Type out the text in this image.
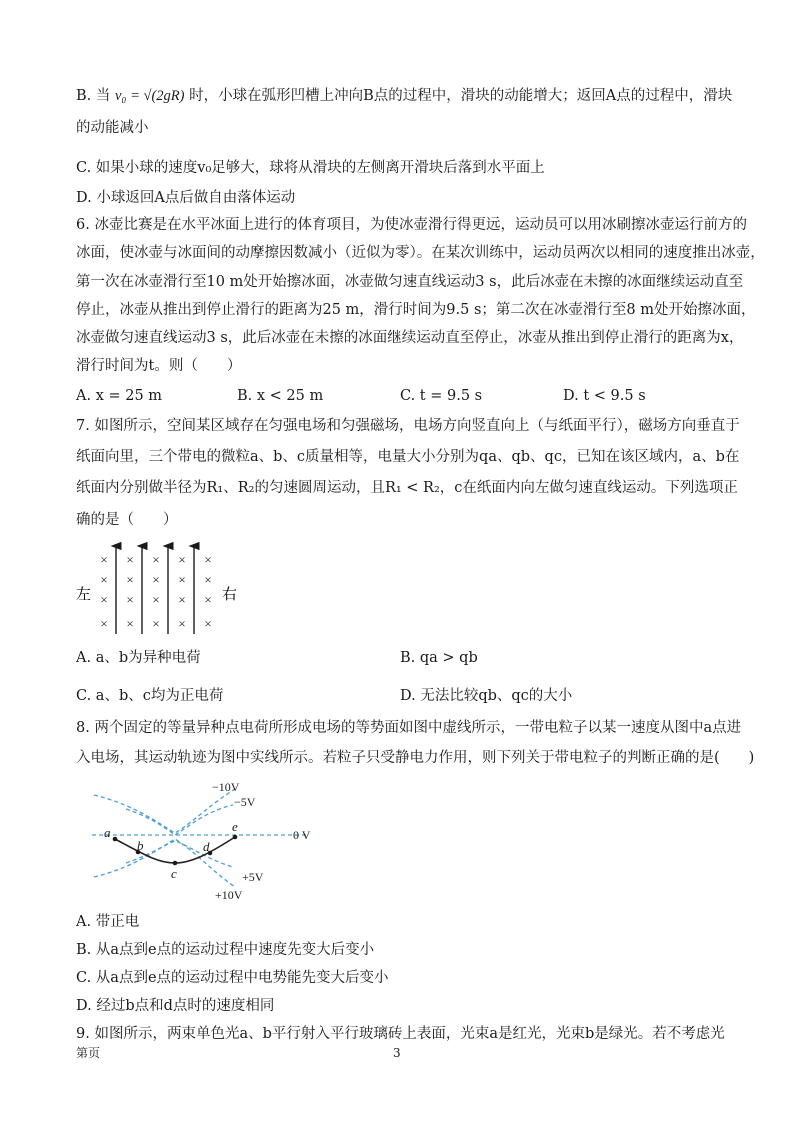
B. 当 v₀ = √(2gR) 时，小球在弧形凹槽上冲向B点的过程中，滑块的动能增大；返回A点的过程中，滑块
的动能减小
C. 如果小球的速度v₀足够大，球将从滑块的左侧离开滑块后落到水平面上
D. 小球返回A点后做自由落体运动
6. 冰壶比赛是在水平冰面上进行的体育项目，为使冰壶滑行得更远，运动员可以用冰刷擦冰壶运行前方的
冰面，使冰壶与冰面间的动摩擦因数减小（近似为零）。在某次训练中，运动员两次以相同的速度推出冰壶，
第一次在冰壶滑行至10 m处开始擦冰面，冰壶做匀速直线运动3 s，此后冰壶在未擦的冰面继续运动直至
停止，冰壶从推出到停止滑行的距离为25 m，滑行时间为9.5 s；第二次在冰壶滑行至8 m处开始擦冰面，
冰壶做匀速直线运动3 s，此后冰壶在未擦的冰面继续运动直至停止，冰壶从推出到停止滑行的距离为x，
滑行时间为t。则（　　）
A. x = 25 m	B. x < 25 m	C. t = 9.5 s	D. t < 9.5 s
7. 如图所示，空间某区域存在匀强电场和匀强磁场，电场方向竖直向上（与纸面平行），磁场方向垂直于
纸面向里，三个带电的微粒a、b、c质量相等，电量大小分别为qa、qb、qc，已知在该区域内，a、b在
纸面内分别做半径为R₁、R₂的匀速圆周运动，且R₁ < R₂，c在纸面内向左做匀速直线运动。下列选项正
确的是（　　）
× × × × ×
× × × × ×
× × × × ×
× × × × ×
左	右
A. a、b为异种电荷	B. qa > qb
C. a、b、c均为正电荷	D. 无法比较qb、qc的大小
8. 两个固定的等量异种点电荷所形成电场的等势面如图中虚线所示，一带电粒子以某一速度从图中a点进
入电场，其运动轨迹为图中实线所示。若粒子只受静电力作用，则下列关于带电粒子的判断正确的是(　　)
a
b
c
d
e
−10V
−5V
0 V
+5V
+10V
A. 带正电
B. 从a点到e点的运动过程中速度先变大后变小
C. 从a点到e点的运动过程中电势能先变大后变小
D. 经过b点和d点时的速度相同
9. 如图所示，两束单色光a、b平行射入平行玻璃砖上表面，光束a是红光，光束b是绿光。若不考虑光
第页	3
